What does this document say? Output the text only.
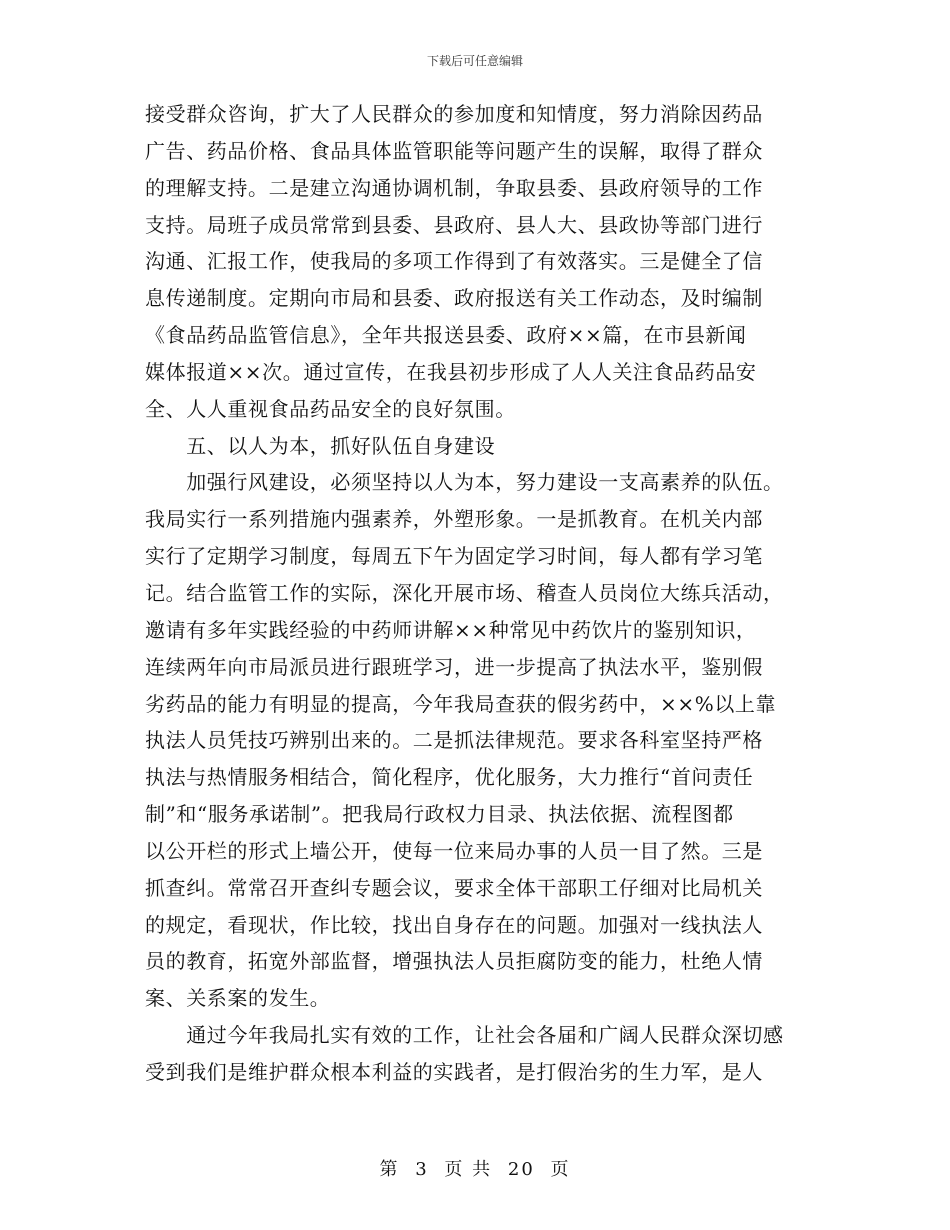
下载后可任意编辑
接受群众咨询，扩大了人民群众的参加度和知情度，努力消除因药品
广告、药品价格、食品具体监管职能等问题产生的误解，取得了群众
的理解支持。二是建立沟通协调机制，争取县委、县政府领导的工作
支持。局班子成员常常到县委、县政府、县人大、县政协等部门进行
沟通、汇报工作，使我局的多项工作得到了有效落实。三是健全了信
息传递制度。定期向市局和县委、政府报送有关工作动态，及时编制
《食品药品监管信息》，全年共报送县委、政府××篇，在市县新闻
媒体报道××次。通过宣传，在我县初步形成了人人关注食品药品安
全、人人重视食品药品安全的良好氛围。
　　五、以人为本，抓好队伍自身建设
　　加强行风建设，必须坚持以人为本，努力建设一支高素养的队伍。
我局实行一系列措施内强素养，外塑形象。一是抓教育。在机关内部
实行了定期学习制度，每周五下午为固定学习时间，每人都有学习笔
记。结合监管工作的实际，深化开展市场、稽查人员岗位大练兵活动，
邀请有多年实践经验的中药师讲解××种常见中药饮片的鉴别知识，
连续两年向市局派员进行跟班学习，进一步提高了执法水平，鉴别假
劣药品的能力有明显的提高，今年我局查获的假劣药中，××%以上靠
执法人员凭技巧辨别出来的。二是抓法律规范。要求各科室坚持严格
执法与热情服务相结合，简化程序，优化服务，大力推行“首问责任
制”和“服务承诺制”。把我局行政权力目录、执法依据、流程图都
以公开栏的形式上墙公开，使每一位来局办事的人员一目了然。三是
抓查纠。常常召开查纠专题会议，要求全体干部职工仔细对比局机关
的规定，看现状，作比较，找出自身存在的问题。加强对一线执法人
员的教育，拓宽外部监督，增强执法人员拒腐防变的能力，杜绝人情
案、关系案的发生。
　　通过今年我局扎实有效的工作，让社会各届和广阔人民群众深切感
受到我们是维护群众根本利益的实践者，是打假治劣的生力军，是人
第 3 页 共 20 页
